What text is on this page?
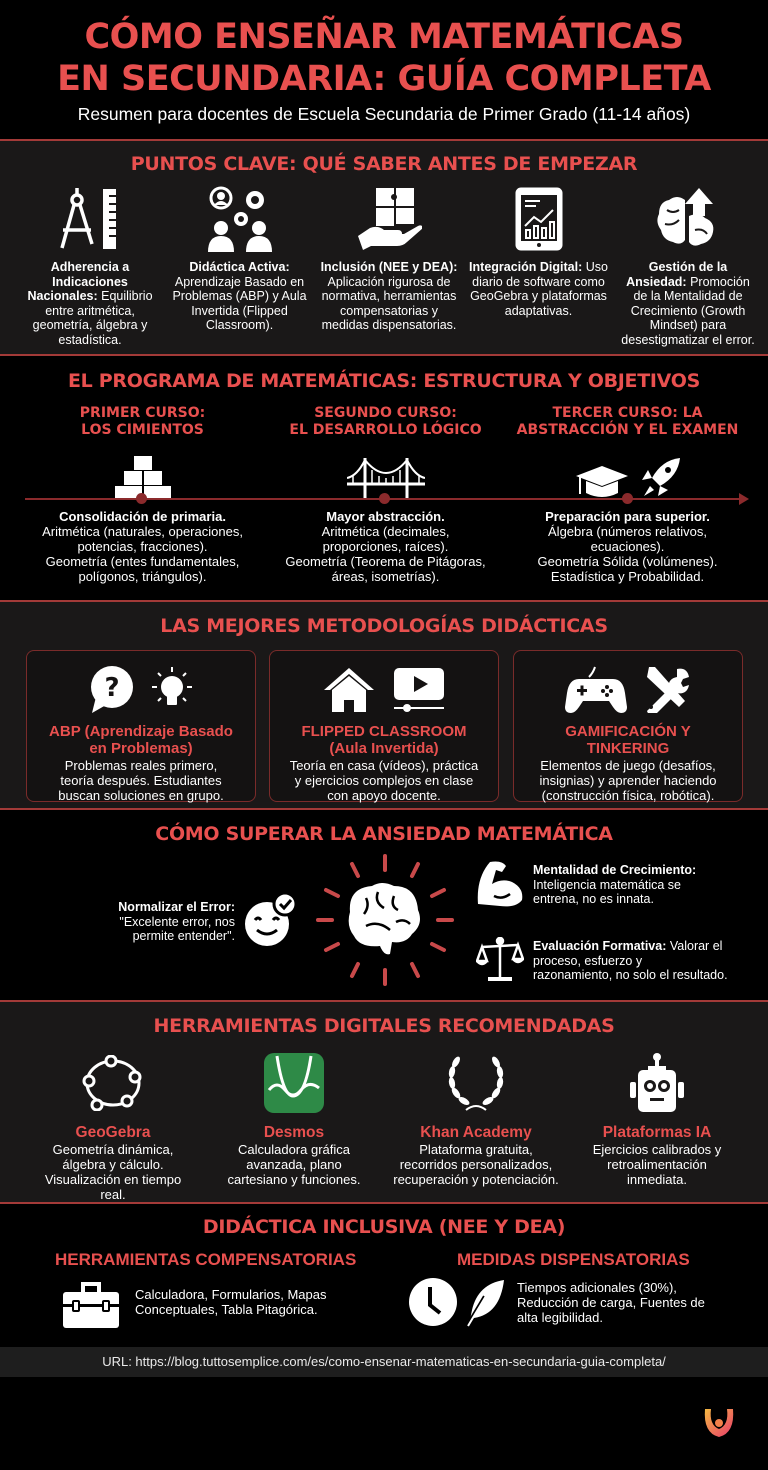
CÓMO ENSEÑAR MATEMÁTICAS
EN SECUNDARIA: GUÍA COMPLETA
Resumen para docentes de Escuela Secundaria de Primer Grado (11-14 años)
PUNTOS CLAVE: QUÉ SABER ANTES DE EMPEZAR
Adherencia a Indicaciones Nacionales: Equilibrio entre aritmética, geometría, álgebra y estadística.
Didáctica Activa: Aprendizaje Basado en Problemas (ABP) y Aula Invertida (Flipped Classroom).
Inclusión (NEE y DEA): Aplicación rigurosa de normativa, herramientas compensatorias y medidas dispensatorias.
Integración Digital: Uso diario de software como GeoGebra y plataformas adaptativas.
Gestión de la Ansiedad: Promoción de la Mentalidad de Crecimiento (Growth Mindset) para desestigmatizar el error.
EL PROGRAMA DE MATEMÁTICAS: ESTRUCTURA Y OBJETIVOS
PRIMER CURSO:
LOS CIMIENTOS
SEGUNDO CURSO:
EL DESARROLLO LÓGICO
TERCER CURSO: LA
ABSTRACCIÓN Y EL EXAMEN
Consolidación de primaria.
Aritmética (naturales, operaciones,
potencias, fracciones).
Geometría (entes fundamentales,
polígonos, triángulos).
Mayor abstracción.
Aritmética (decimales,
proporciones, raíces).
Geometría (Teorema de Pitágoras,
áreas, isometrías).
Preparación para superior.
Álgebra (números relativos,
ecuaciones).
Geometría Sólida (volúmenes).
Estadística y Probabilidad.
LAS MEJORES METODOLOGÍAS DIDÁCTICAS
?
ABP (Aprendizaje Basado
en Problemas)
Problemas reales primero,
teoría después. Estudiantes
buscan soluciones en grupo.
FLIPPED CLASSROOM
(Aula Invertida)
Teoría en casa (vídeos), práctica
y ejercicios complejos en clase
con apoyo docente.
GAMIFICACIÓN Y
TINKERING
Elementos de juego (desafíos,
insignias) y aprender haciendo
(construcción física, robótica).
CÓMO SUPERAR LA ANSIEDAD MATEMÁTICA
Normalizar el Error:
"Excelente error, nos
permite entender".
Mentalidad de Crecimiento:
Inteligencia matemática se
entrena, no es innata.
Evaluación Formativa: Valorar el
proceso, esfuerzo y
razonamiento, no solo el resultado.
HERRAMIENTAS DIGITALES RECOMENDADAS
GeoGebra
Geometría dinámica,
álgebra y cálculo.
Visualización en tiempo
real.
Desmos
Calculadora gráfica
avanzada, plano
cartesiano y funciones.
Khan Academy
Plataforma gratuita,
recorridos personalizados,
recuperación y potenciación.
Plataformas IA
Ejercicios calibrados y
retroalimentación
inmediata.
DIDÁCTICA INCLUSIVA (NEE Y DEA)
HERRAMIENTAS COMPENSATORIAS
Calculadora, Formularios, Mapas
Conceptuales, Tabla Pitagórica.
MEDIDAS DISPENSATORIAS
Tiempos adicionales (30%),
Reducción de carga, Fuentes de
alta legibilidad.
URL: https://blog.tuttosemplice.com/es/como-ensenar-matematicas-en-secundaria-guia-completa/
